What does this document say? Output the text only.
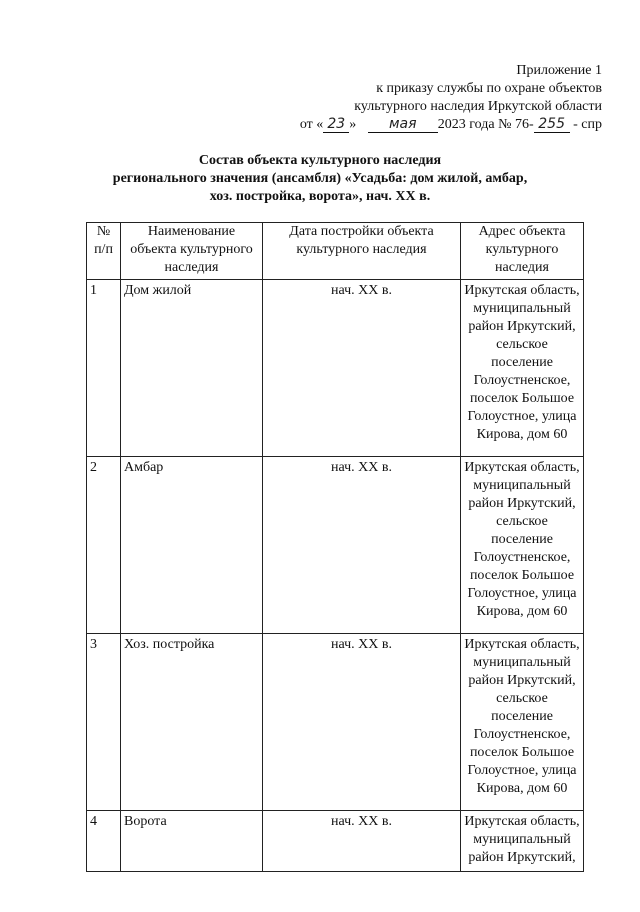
Приложение 1
к приказу службы по охране объектов
культурного наследия Иркутской области
от « 23 » мая 2023 года № 76- 255 - спр
Состав объекта культурного наследия
регионального значения (ансамбля) «Усадьба: дом жилой, амбар,
хоз. постройка, ворота», нач. XX в.
№ п/п	Наименование объекта культурного наследия	Дата постройки объекта культурного наследия	Адрес объекта культурного наследия
1	Дом жилой	нач. XX в.	Иркутская область, муниципальный район Иркутский, сельское поселение Голоустненское, поселок Большое Голоустное, улица Кирова, дом 60
2	Амбар	нач. XX в.	Иркутская область, муниципальный район Иркутский, сельское поселение Голоустненское, поселок Большое Голоустное, улица Кирова, дом 60
3	Хоз. постройка	нач. XX в.	Иркутская область, муниципальный район Иркутский, сельское поселение Голоустненское, поселок Большое Голоустное, улица Кирова, дом 60
4	Ворота	нач. XX в.	Иркутская область, муниципальный район Иркутский,
